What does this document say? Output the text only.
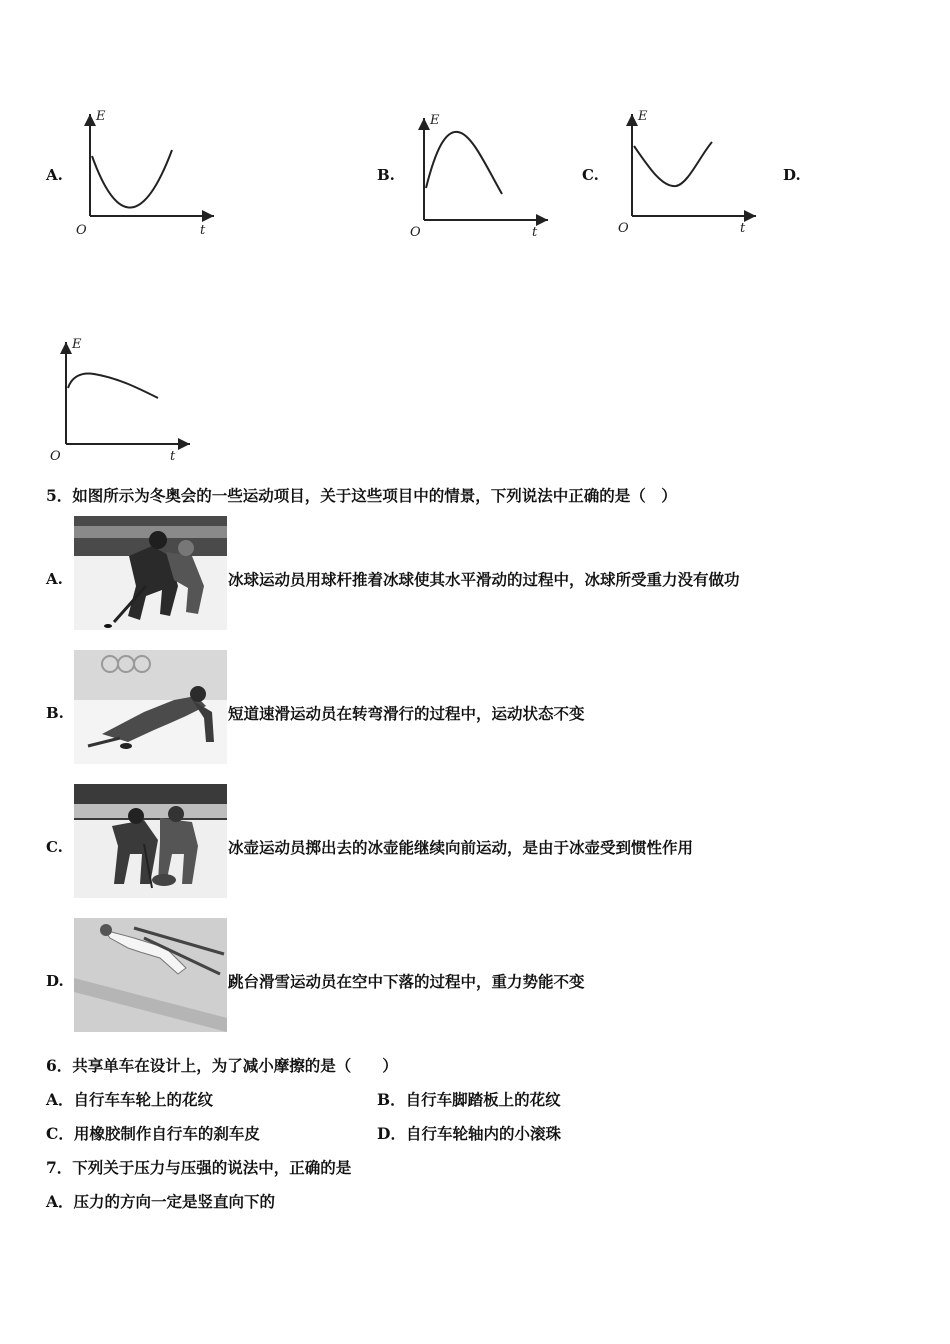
A.
E
t
O
B.
E
t
O
C.
E
t
O
D.
E
t
O
5．如图所示为冬奥会的一些运动项目，关于这些项目中的情景，下列说法中正确的是（　）
A.	冰球运动员用球杆推着冰球使其水平滑动的过程中，冰球所受重力没有做功
B.	短道速滑运动员在转弯滑行的过程中，运动状态不变
C.	冰壶运动员掷出去的冰壶能继续向前运动，是由于冰壶受到惯性作用
D.	跳台滑雪运动员在空中下落的过程中，重力势能不变
6．共享单车在设计上，为了减小摩擦的是（　　）
A．自行车车轮上的花纹	B．自行车脚踏板上的花纹
C．用橡胶制作自行车的刹车皮	D．自行车轮轴内的小滚珠
7．下列关于压力与压强的说法中，正确的是
A．压力的方向一定是竖直向下的
